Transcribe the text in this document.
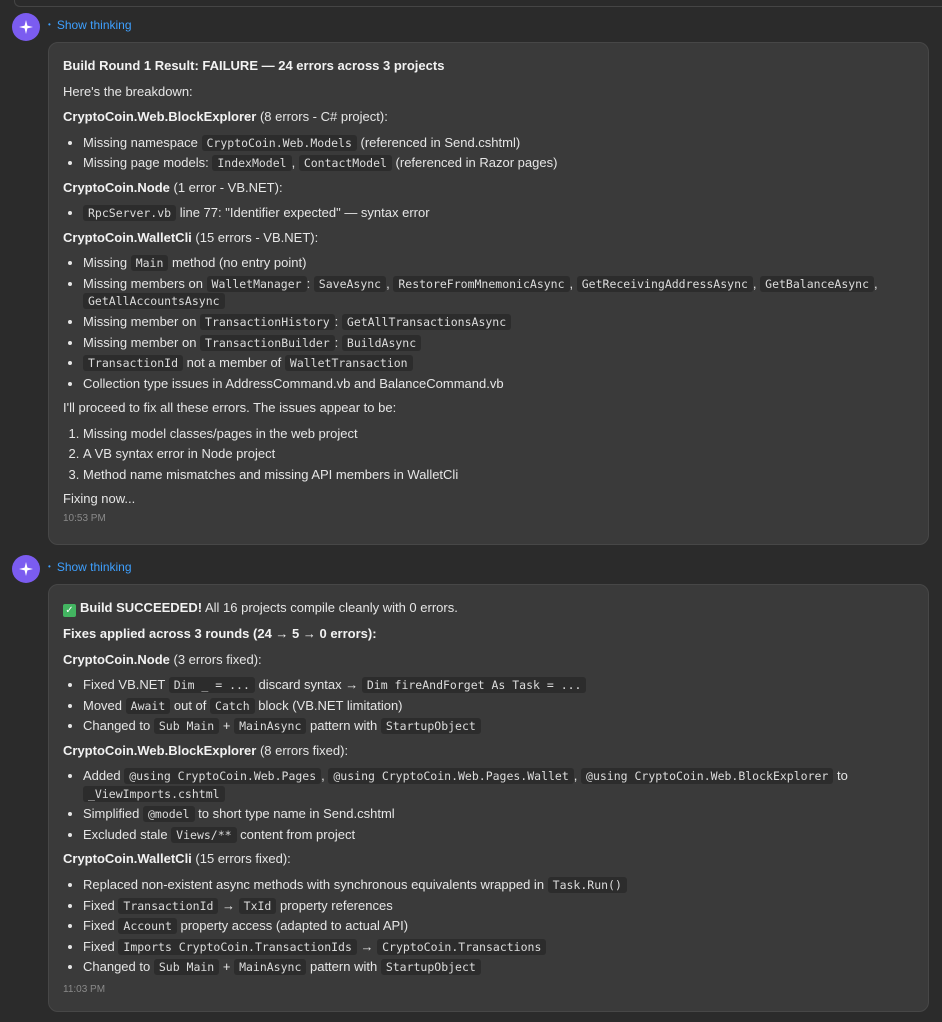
• Show thinking

Build Round 1 Result: FAILURE — 24 errors across 3 projects

Here's the breakdown:

CryptoCoin.Web.BlockExplorer (8 errors - C# project):

• Missing namespace CryptoCoin.Web.Models (referenced in Send.cshtml)
• Missing page models: IndexModel , ContactModel (referenced in Razor pages)

CryptoCoin.Node (1 error - VB.NET):

• RpcServer.vb line 77: "Identifier expected" — syntax error

CryptoCoin.WalletCli (15 errors - VB.NET):

• Missing Main method (no entry point)
• Missing members on WalletManager : SaveAsync , RestoreFromMnemonicAsync , GetReceivingAddressAsync , GetBalanceAsync , GetAllAccountsAsync
• Missing member on TransactionHistory : GetAllTransactionsAsync
• Missing member on TransactionBuilder : BuildAsync
• TransactionId not a member of WalletTransaction
• Collection type issues in AddressCommand.vb and BalanceCommand.vb

I'll proceed to fix all these errors. The issues appear to be:

1. Missing model classes/pages in the web project
2. A VB syntax error in Node project
3. Method name mismatches and missing API members in WalletCli

Fixing now...

10:53 PM
• Show thinking

✓ Build SUCCEEDED! All 16 projects compile cleanly with 0 errors.

Fixes applied across 3 rounds (24 → 5 → 0 errors):

CryptoCoin.Node (3 errors fixed):

• Fixed VB.NET Dim _ = ... discard syntax → Dim fireAndForget As Task = ...
• Moved Await out of Catch block (VB.NET limitation)
• Changed to Sub Main + MainAsync pattern with StartupObject

CryptoCoin.Web.BlockExplorer (8 errors fixed):

• Added @using CryptoCoin.Web.Pages , @using CryptoCoin.Web.Pages.Wallet , @using CryptoCoin.Web.BlockExplorer to _ViewImports.cshtml
• Simplified @model to short type name in Send.cshtml
• Excluded stale Views/** content from project

CryptoCoin.WalletCli (15 errors fixed):

• Replaced non-existent async methods with synchronous equivalents wrapped in Task.Run()
• Fixed TransactionId → TxId property references
• Fixed Account property access (adapted to actual API)
• Fixed Imports CryptoCoin.TransactionIds → CryptoCoin.Transactions
• Changed to Sub Main + MainAsync pattern with StartupObject
11:03 PM
